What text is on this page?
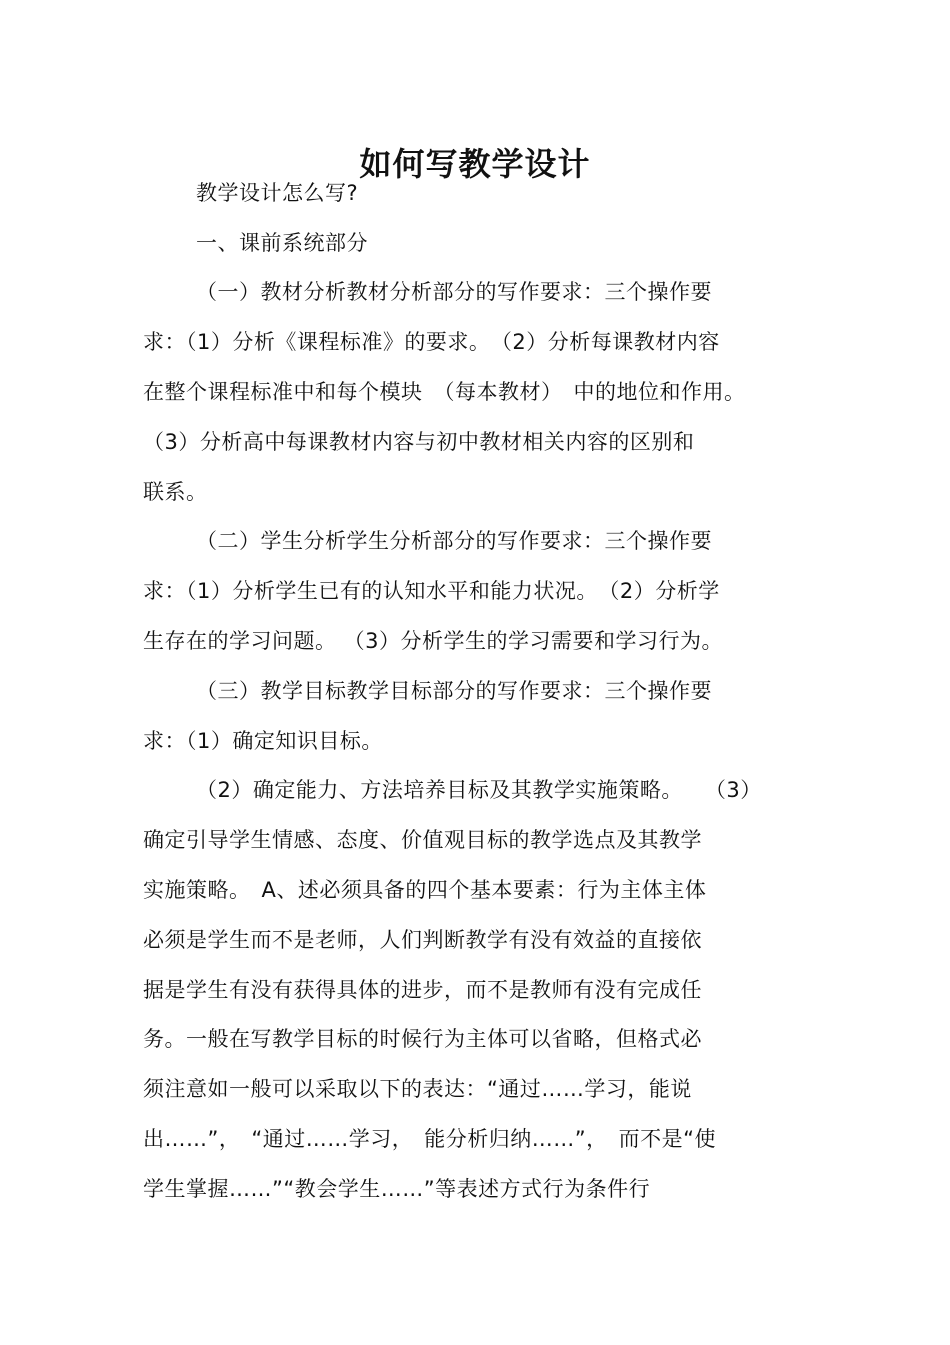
如何写教学设计
教学设计怎么写?
一、课前系统部分
（一）教材分析教材分析部分的写作要求：三个操作要
求：（1）分析《课程标准》的要求。　（2）分析每课教材内容
在整个课程标准中和每个模块　（每本教材）　中的地位和作用。
（3）分析高中每课教材内容与初中教材相关内容的区别和
联系。
（二）学生分析学生分析部分的写作要求：三个操作要
求：（1）分析学生已有的认知水平和能力状况。　（2）分析学
生存在的学习问题。 （3）分析学生的学习需要和学习行为。
（三）教学目标教学目标部分的写作要求：三个操作要
求：（1）确定知识目标。
（2）确定能力、方法培养目标及其教学实施策略。　　（3）
确定引导学生情感、态度、价值观目标的教学选点及其教学
实施策略。　A、述必须具备的四个基本要素：行为主体主体
必须是学生而不是老师，人们判断教学有没有效益的直接依
据是学生有没有获得具体的进步，而不是教师有没有完成任
务。一般在写教学目标的时候行为主体可以省略，但格式必
须注意如一般可以采取以下的表达：“通过……学习，能说
出……”，　“通过……学习，　能分析归纳……”，　而不是“使
学生掌握……”“教会学生……”等表述方式行为条件行
